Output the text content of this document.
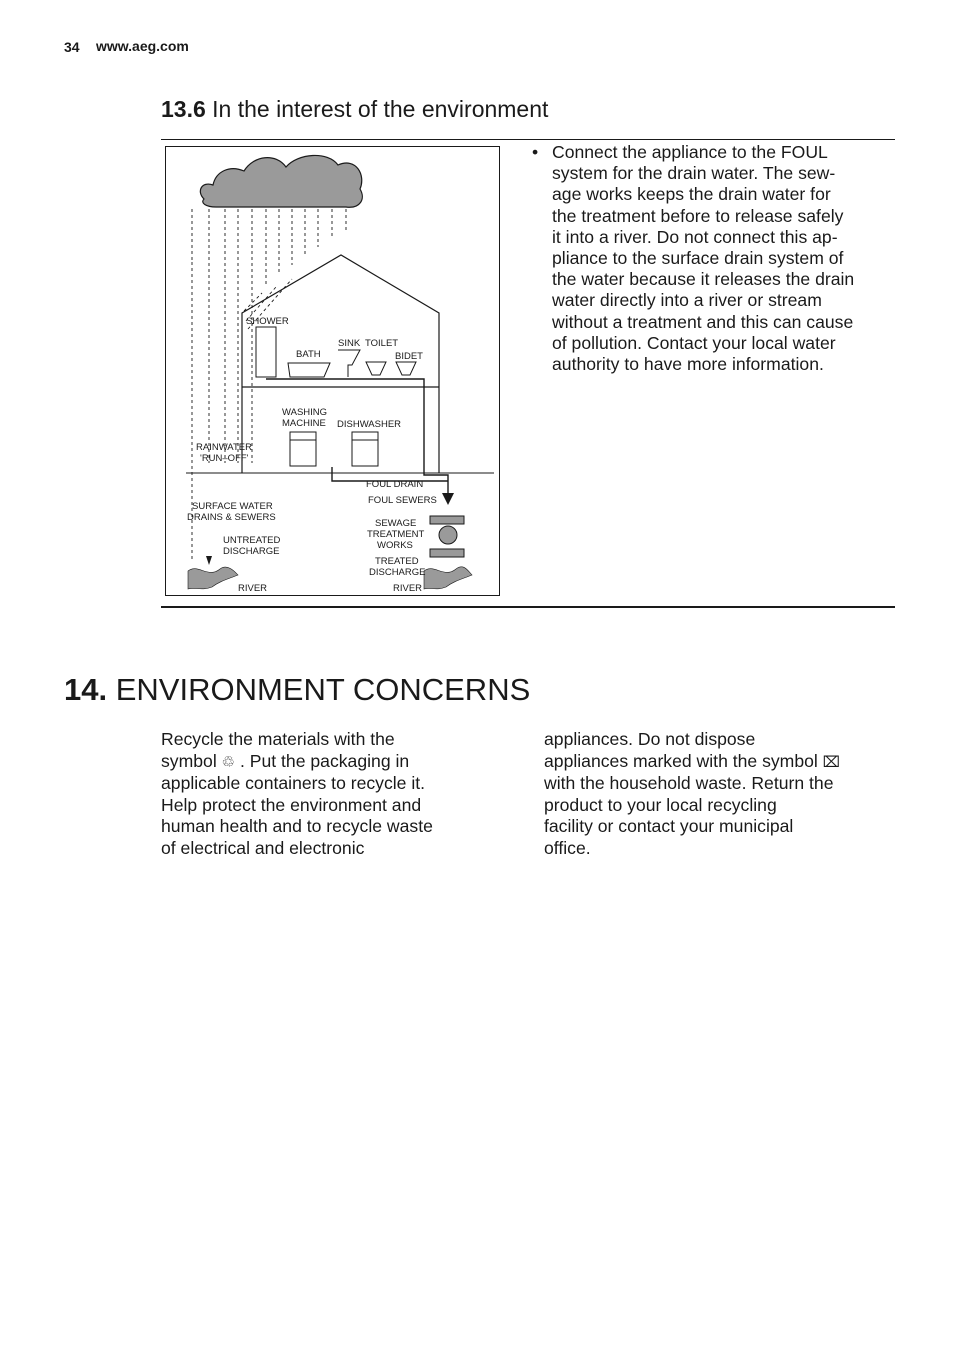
34 www.aeg.com
13.6 In the interest of the environment
SHOWER
BATH
SINK TOILET
BIDET
WASHING
MACHINE DISHWASHER
RAINWATER
'RUN–OFF'
FOUL DRAIN
FOUL SEWERS
SURFACE WATER
DRAINS & SEWERS
UNTREATED
DISCHARGE
SEWAGE
TREATMENT
WORKS
TREATED
DISCHARGE
RIVER	RIVER
• Connect the appliance to the FOUL
system for the drain water. The sew-
age works keeps the drain water for
the treatment before to release safely
it into a river. Do not connect this ap-
pliance to the surface drain system of
the water because it releases the drain
water directly into a river or stream
without a treatment and this can cause
of pollution. Contact your local water
authority to have more information.
14. ENVIRONMENT CONCERNS
Recycle the materials with the
symbol ♲ . Put the packaging in
applicable containers to recycle it.
Help protect the environment and
human health and to recycle waste
of electrical and electronic
appliances. Do not dispose
appliances marked with the symbol ⌧
with the household waste. Return the
product to your local recycling
facility or contact your municipal
office.
